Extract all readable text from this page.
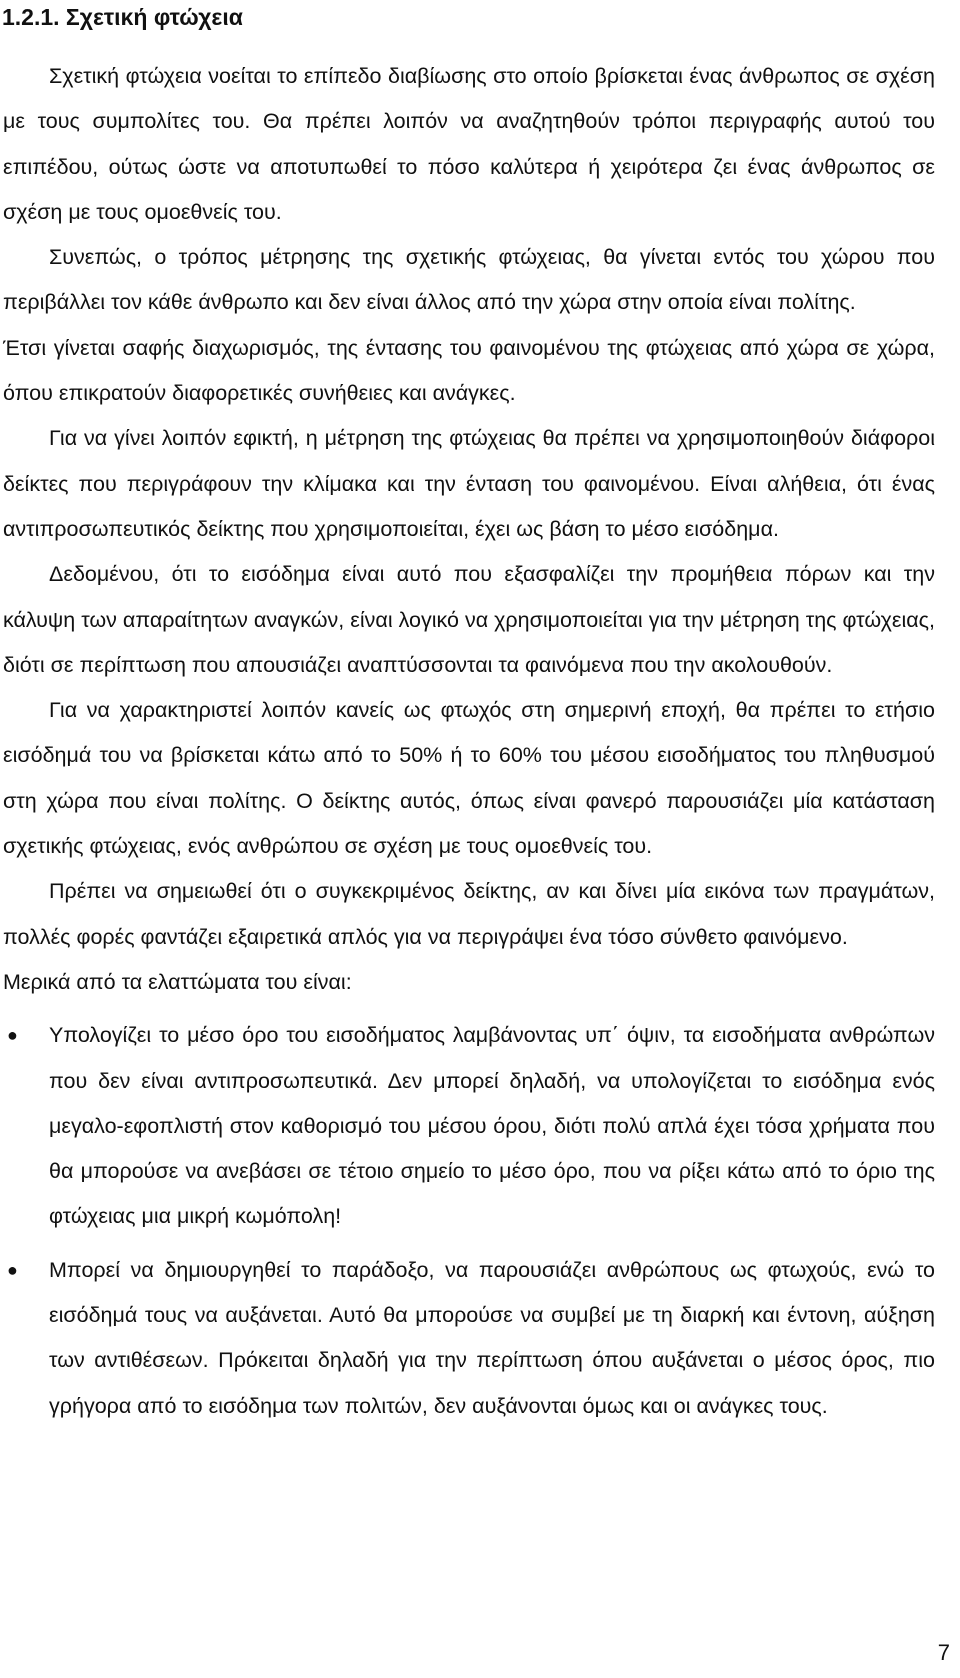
1.2.1. Σχετική φτώχεια

Σχετική φτώχεια νοείται το επίπεδο διαβίωσης στο οποίο βρίσκεται ένας άνθρωπος σε σχέση με τους συμπολίτες του. Θα πρέπει λοιπόν να αναζητηθούν τρόποι περιγραφής αυτού του επιπέδου, ούτως ώστε να αποτυπωθεί το πόσο καλύτερα ή χειρότερα ζει ένας άνθρωπος σε σχέση με τους ομοεθνείς του.

Συνεπώς, ο τρόπος μέτρησης της σχετικής φτώχειας, θα γίνεται εντός του χώρου που περιβάλλει τον κάθε άνθρωπο και δεν είναι άλλος από την χώρα στην οποία είναι πολίτης.

Έτσι γίνεται σαφής διαχωρισμός, της έντασης του φαινομένου της φτώχειας από χώρα σε χώρα, όπου επικρατούν διαφορετικές συνήθειες και ανάγκες.

Για να γίνει λοιπόν εφικτή, η μέτρηση της φτώχειας θα πρέπει να χρησιμοποιηθούν διάφοροι δείκτες που περιγράφουν την κλίμακα και την ένταση του φαινομένου. Είναι αλήθεια, ότι ένας αντιπροσωπευτικός δείκτης που χρησιμοποιείται, έχει ως βάση το μέσο εισόδημα.

Δεδομένου, ότι το εισόδημα είναι αυτό που εξασφαλίζει την προμήθεια πόρων και την κάλυψη των απαραίτητων αναγκών, είναι λογικό να χρησιμοποιείται για την μέτρηση της φτώχειας, διότι σε περίπτωση που απουσιάζει αναπτύσσονται τα φαινόμενα που την ακολουθούν.

Για να χαρακτηριστεί λοιπόν κανείς ως φτωχός στη σημερινή εποχή, θα πρέπει το ετήσιο εισόδημά του να βρίσκεται κάτω από το 50% ή το 60% του μέσου εισοδήματος του πληθυσμού στη χώρα που είναι πολίτης. Ο δείκτης αυτός, όπως είναι φανερό παρουσιάζει μία κατάσταση σχετικής φτώχειας, ενός ανθρώπου σε σχέση με τους ομοεθνείς του.

Πρέπει να σημειωθεί ότι ο συγκεκριμένος δείκτης, αν και δίνει μία εικόνα των πραγμάτων, πολλές φορές φαντάζει εξαιρετικά απλός για να περιγράψει ένα τόσο σύνθετο φαινόμενο.

Μερικά από τα ελαττώματα του είναι:

● Υπολογίζει το μέσο όρο του εισοδήματος λαμβάνοντας υπ΄ όψιν, τα εισοδήματα ανθρώπων που δεν είναι αντιπροσωπευτικά. Δεν μπορεί δηλαδή, να υπολογίζεται το εισόδημα ενός μεγαλο-εφοπλιστή στον καθορισμό του μέσου όρου, διότι πολύ απλά έχει τόσα χρήματα που θα μπορούσε να ανεβάσει σε τέτοιο σημείο το μέσο όρο, που να ρίξει κάτω από το όριο της φτώχειας μια μικρή κωμόπολη!
● Μπορεί να δημιουργηθεί το παράδοξο, να παρουσιάζει ανθρώπους ως φτωχούς, ενώ το εισόδημά τους να αυξάνεται. Αυτό θα μπορούσε να συμβεί με τη διαρκή και έντονη, αύξηση των αντιθέσεων. Πρόκειται δηλαδή για την περίπτωση όπου αυξάνεται ο μέσος όρος, πιο γρήγορα από το εισόδημα των πολιτών, δεν αυξάνονται όμως και οι ανάγκες τους.
7
